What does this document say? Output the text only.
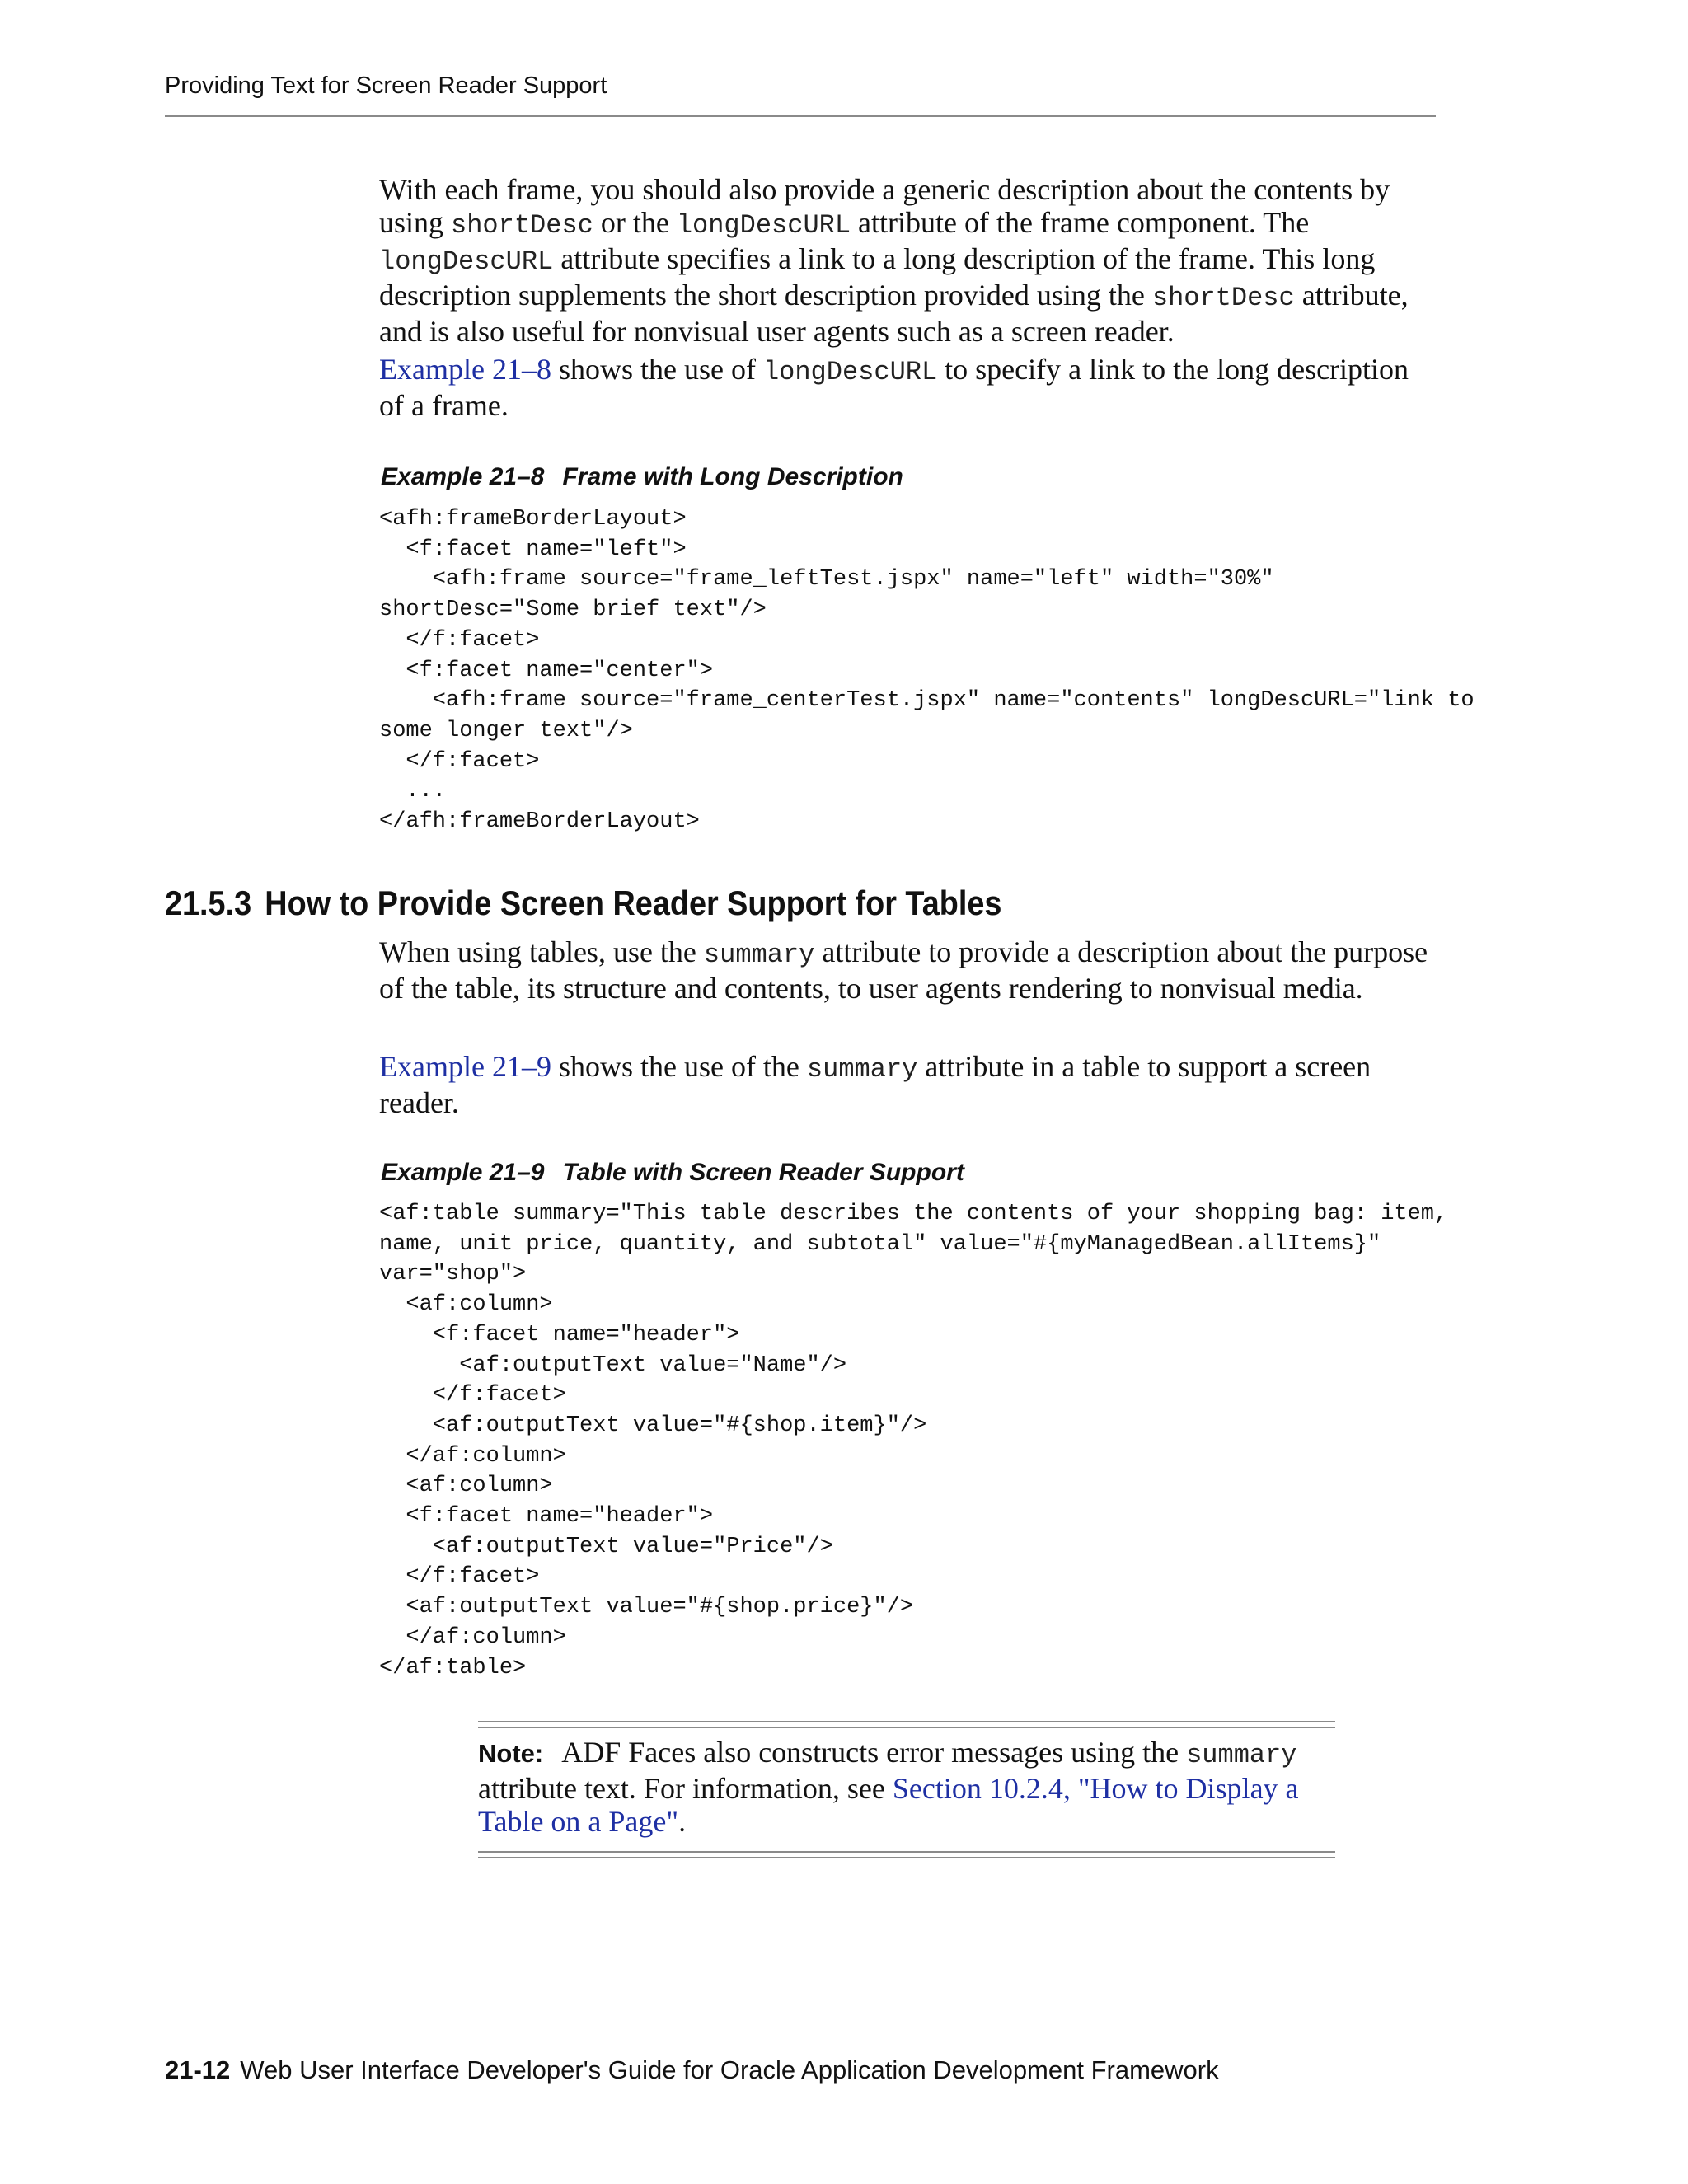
Providing Text for Screen Reader Support

With each frame, you should also provide a generic description about the contents by using shortDesc or the longDescURL attribute of the frame component. The longDescURL attribute specifies a link to a long description of the frame. This long description supplements the short description provided using the shortDesc attribute, and is also useful for nonvisual user agents such as a screen reader.

Example 21–8 shows the use of longDescURL to specify a link to the long description of a frame.

Example 21–8 Frame with Long Description
<afh:frameBorderLayout>
<f:facet name="left">
<afh:frame source="frame_leftTest.jspx" name="left" width="30%"
shortDesc="Some brief text"/>
</f:facet>
<f:facet name="center">
<afh:frame source="frame_centerTest.jspx" name="contents" longDescURL="link to
some longer text"/>
</f:facet>
...
</afh:frameBorderLayout>
21.5.3 How to Provide Screen Reader Support for Tables

When using tables, use the summary attribute to provide a description about the purpose of the table, its structure and contents, to user agents rendering to nonvisual media.

Example 21–9 shows the use of the summary attribute in a table to support a screen reader.

Example 21–9 Table with Screen Reader Support
<af:table summary="This table describes the contents of your shopping bag: item,
name, unit price, quantity, and subtotal" value="#{myManagedBean.allItems}"
var="shop">
<af:column>
<f:facet name="header">
<af:outputText value="Name"/>
</f:facet>
<af:outputText value="#{shop.item}"/>
</af:column>
<af:column>
<f:facet name="header">
<af:outputText value="Price"/>
</f:facet>
<af:outputText value="#{shop.price}"/>
</af:column>
</af:table>

Note: ADF Faces also constructs error messages using the summary attribute text. For information, see Section 10.2.4, "How to Display a Table on a Page".

21-12 Web User Interface Developer's Guide for Oracle Application Development Framework
